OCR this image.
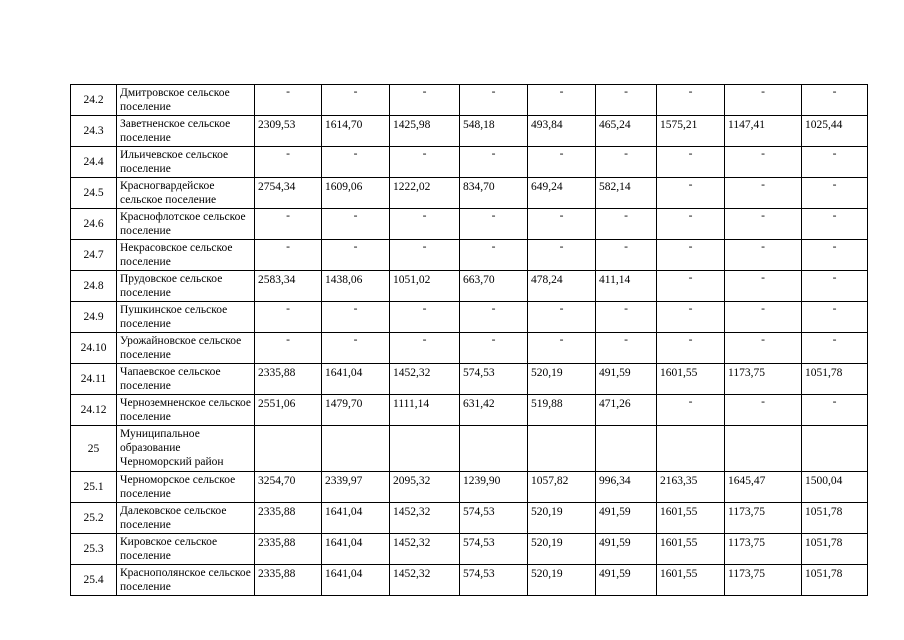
24.2	Дмитровское сельское поселение	-	-	-	-	-	-	-	-	-
24.3	Заветненское сельское поселение	2309,53	1614,70	1425,98	548,18	493,84	465,24	1575,21	1147,41	1025,44
24.4	Ильичевское сельское поселение	-	-	-	-	-	-	-	-	-
24.5	Красногвардейское сельское поселение	2754,34	1609,06	1222,02	834,70	649,24	582,14	-	-	-
24.6	Краснофлотское сельское поселение	-	-	-	-	-	-	-	-	-
24.7	Некрасовское сельское поселение	-	-	-	-	-	-	-	-	-
24.8	Прудовское сельское поселение	2583,34	1438,06	1051,02	663,70	478,24	411,14	-	-	-
24.9	Пушкинское сельское поселение	-	-	-	-	-	-	-	-	-
24.10	Урожайновское сельское поселение	-	-	-	-	-	-	-	-	-
24.11	Чапаевское сельское поселение	2335,88	1641,04	1452,32	574,53	520,19	491,59	1601,55	1173,75	1051,78
24.12	Черноземненское сельское поселение	2551,06	1479,70	1111,14	631,42	519,88	471,26	-	-	-
25	Муниципальное образование Черноморский район									
25.1	Черноморское сельское поселение	3254,70	2339,97	2095,32	1239,90	1057,82	996,34	2163,35	1645,47	1500,04
25.2	Далековское сельское поселение	2335,88	1641,04	1452,32	574,53	520,19	491,59	1601,55	1173,75	1051,78
25.3	Кировское сельское поселение	2335,88	1641,04	1452,32	574,53	520,19	491,59	1601,55	1173,75	1051,78
25.4	Краснополянское сельское поселение	2335,88	1641,04	1452,32	574,53	520,19	491,59	1601,55	1173,75	1051,78
